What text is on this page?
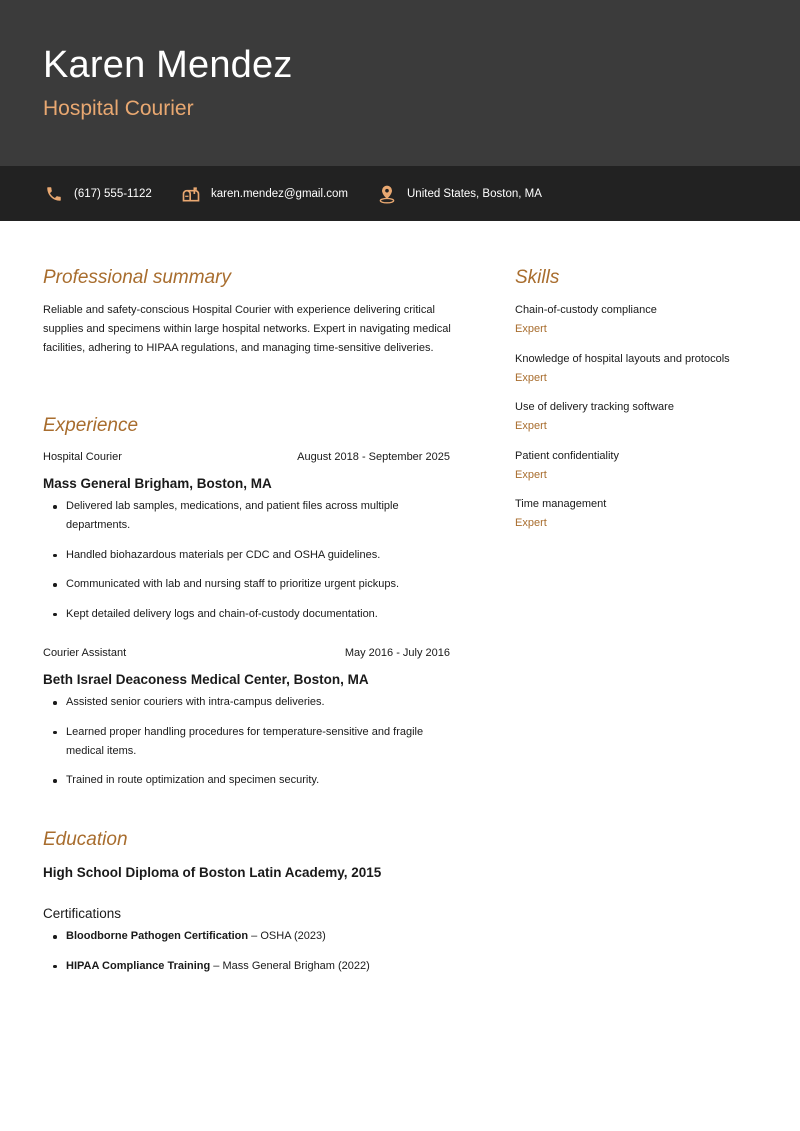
Karen Mendez
Hospital Courier
(617) 555-1122	karen.mendez@gmail.com	United States, Boston, MA
Professional summary
Reliable and safety-conscious Hospital Courier with experience delivering critical supplies and specimens within large hospital networks. Expert in navigating medical facilities, adhering to HIPAA regulations, and managing time-sensitive deliveries.
Experience
Hospital Courier	August 2018 - September 2025
Mass General Brigham, Boston, MA
Delivered lab samples, medications, and patient files across multiple departments.
Handled biohazardous materials per CDC and OSHA guidelines.
Communicated with lab and nursing staff to prioritize urgent pickups.
Kept detailed delivery logs and chain-of-custody documentation.
Courier Assistant	May 2016 - July 2016
Beth Israel Deaconess Medical Center, Boston, MA
Assisted senior couriers with intra-campus deliveries.
Learned proper handling procedures for temperature-sensitive and fragile medical items.
Trained in route optimization and specimen security.
Education
High School Diploma of Boston Latin Academy, 2015
Certifications
Bloodborne Pathogen Certification – OSHA (2023)
HIPAA Compliance Training – Mass General Brigham (2022)
Skills
Chain-of-custody compliance
Expert
Knowledge of hospital layouts and protocols
Expert
Use of delivery tracking software
Expert
Patient confidentiality
Expert
Time management
Expert
